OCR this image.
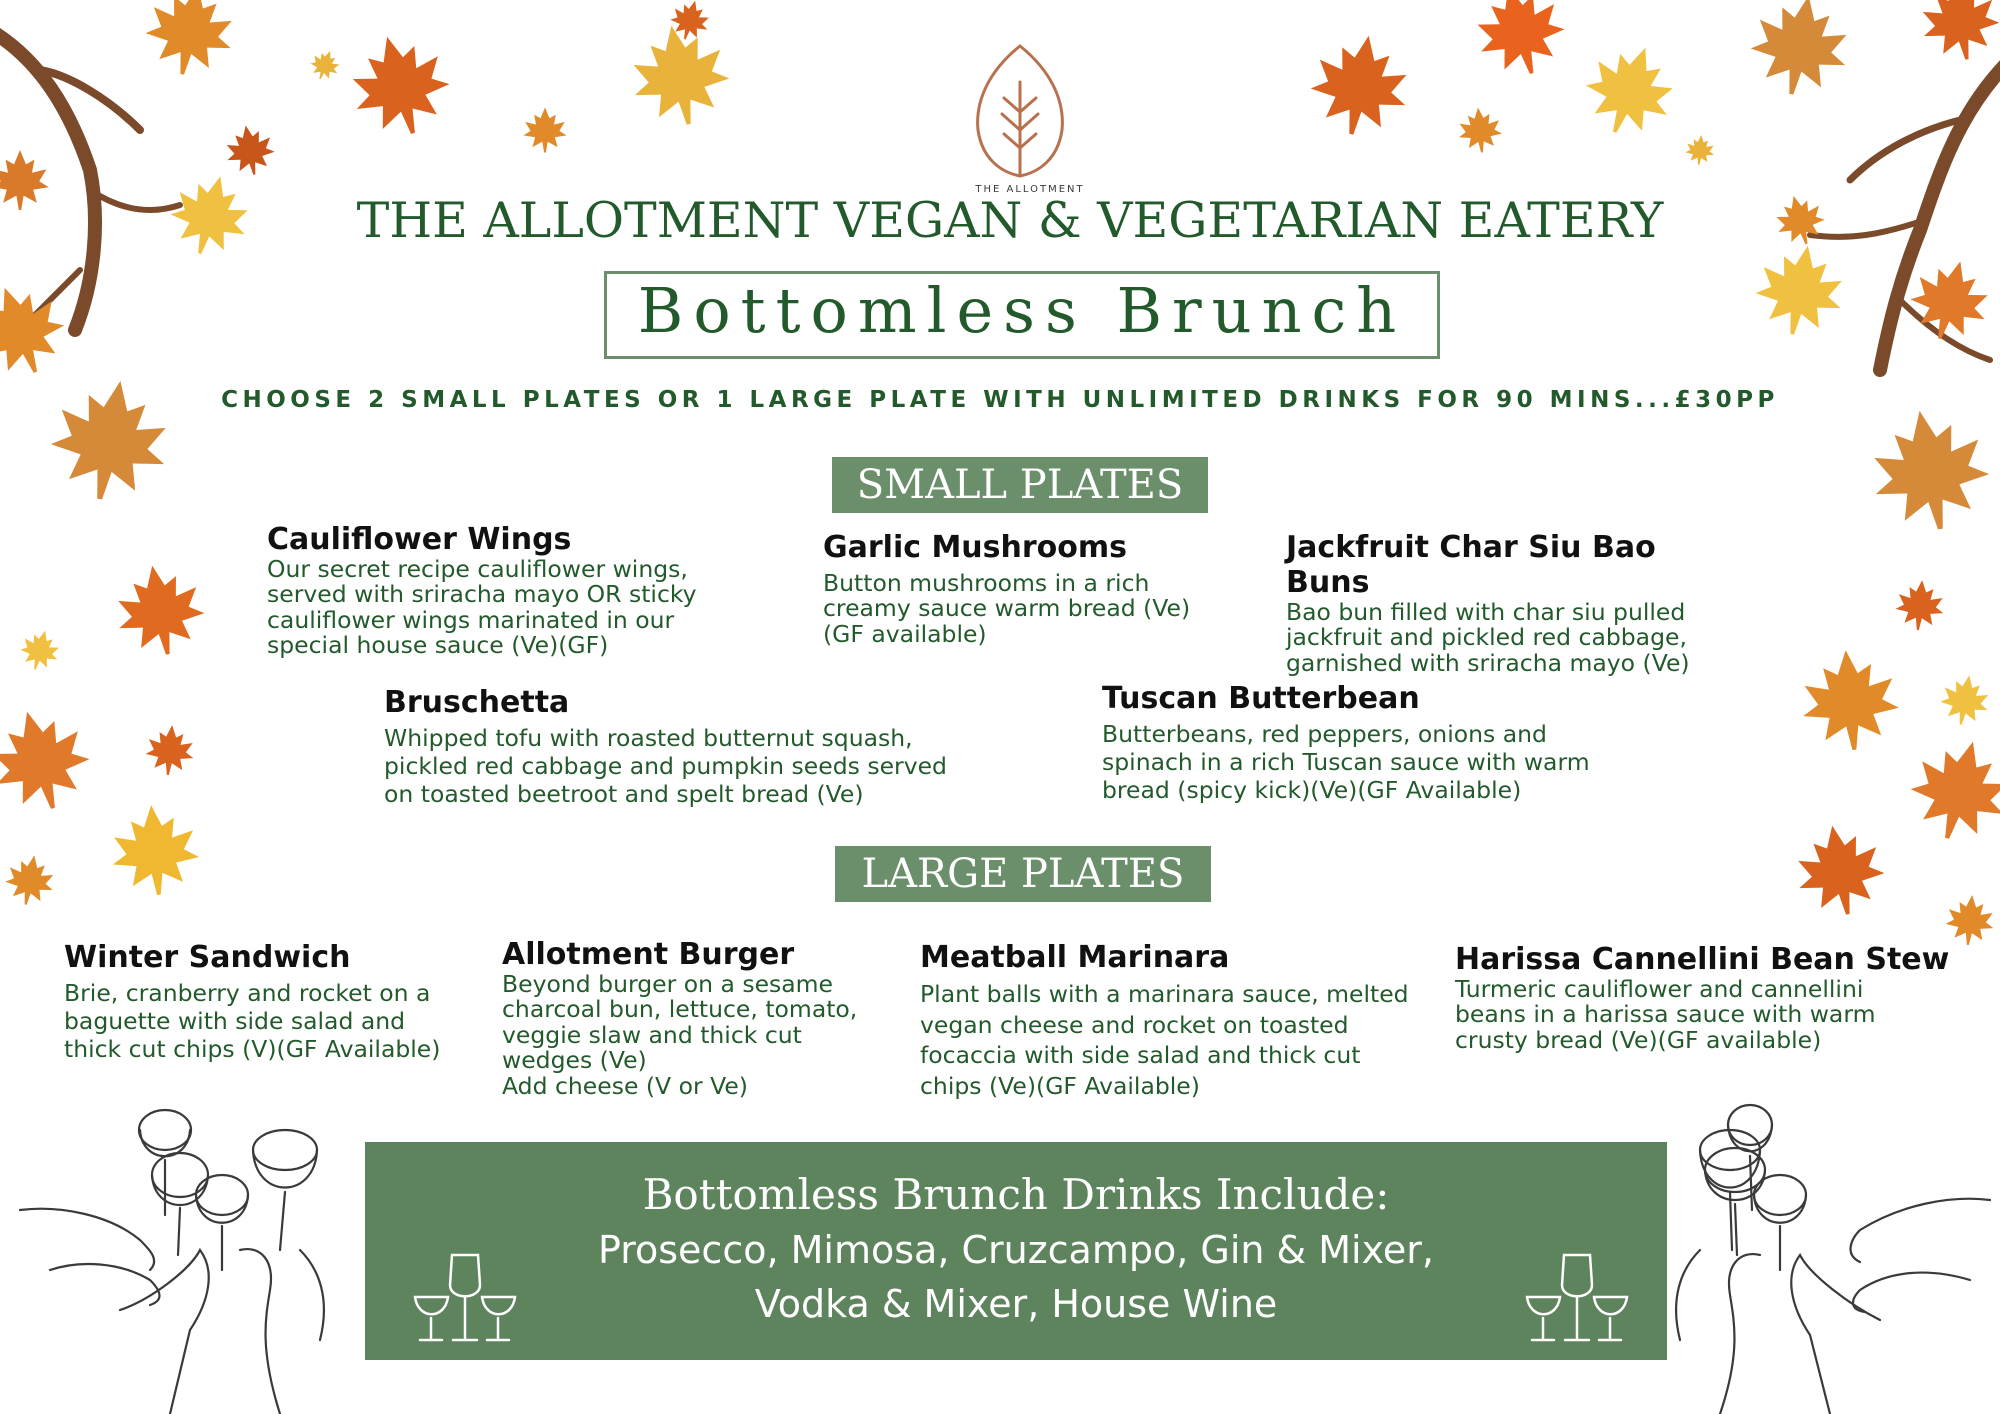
THE ALLOTMENT
THE ALLOTMENT VEGAN & VEGETARIAN EATERY
Bottomless Brunch
CHOOSE 2 SMALL PLATES OR 1 LARGE PLATE WITH UNLIMITED DRINKS FOR 90 MINS...£30PP
SMALL PLATES

Cauliflower Wings

Our secret recipe cauliflower wings,

served with sriracha mayo OR sticky

cauliflower wings marinated in our

special house sauce (Ve)(GF)

Garlic Mushrooms

Button mushrooms in a rich

creamy sauce warm bread (Ve)

(GF available)

Jackfruit Char Siu Bao Buns

Bao bun filled with char siu pulled

jackfruit and pickled red cabbage,

garnished with sriracha mayo (Ve)

Bruschetta

Whipped tofu with roasted butternut squash,

pickled red cabbage and pumpkin seeds served

on toasted beetroot and spelt bread (Ve)

Tuscan Butterbean

Butterbeans, red peppers, onions and

spinach in a rich Tuscan sauce with warm

bread (spicy kick)(Ve)(GF Available)

LARGE PLATES

Winter Sandwich

Brie, cranberry and rocket on a

baguette with side salad and

thick cut chips (V)(GF Available)

Allotment Burger

Beyond burger on a sesame

charcoal bun, lettuce, tomato,

veggie slaw and thick cut

wedges (Ve)

Add cheese (V or Ve)

Meatball Marinara

Plant balls with a marinara sauce, melted

vegan cheese and rocket on toasted

focaccia with side salad and thick cut

chips (Ve)(GF Available)

Harissa Cannellini Bean Stew

Turmeric cauliflower and cannellini

beans in a harissa sauce with warm

crusty bread (Ve)(GF available)

Bottomless Brunch Drinks Include:
Prosecco, Mimosa, Cruzcampo, Gin & Mixer,
Vodka & Mixer, House Wine
